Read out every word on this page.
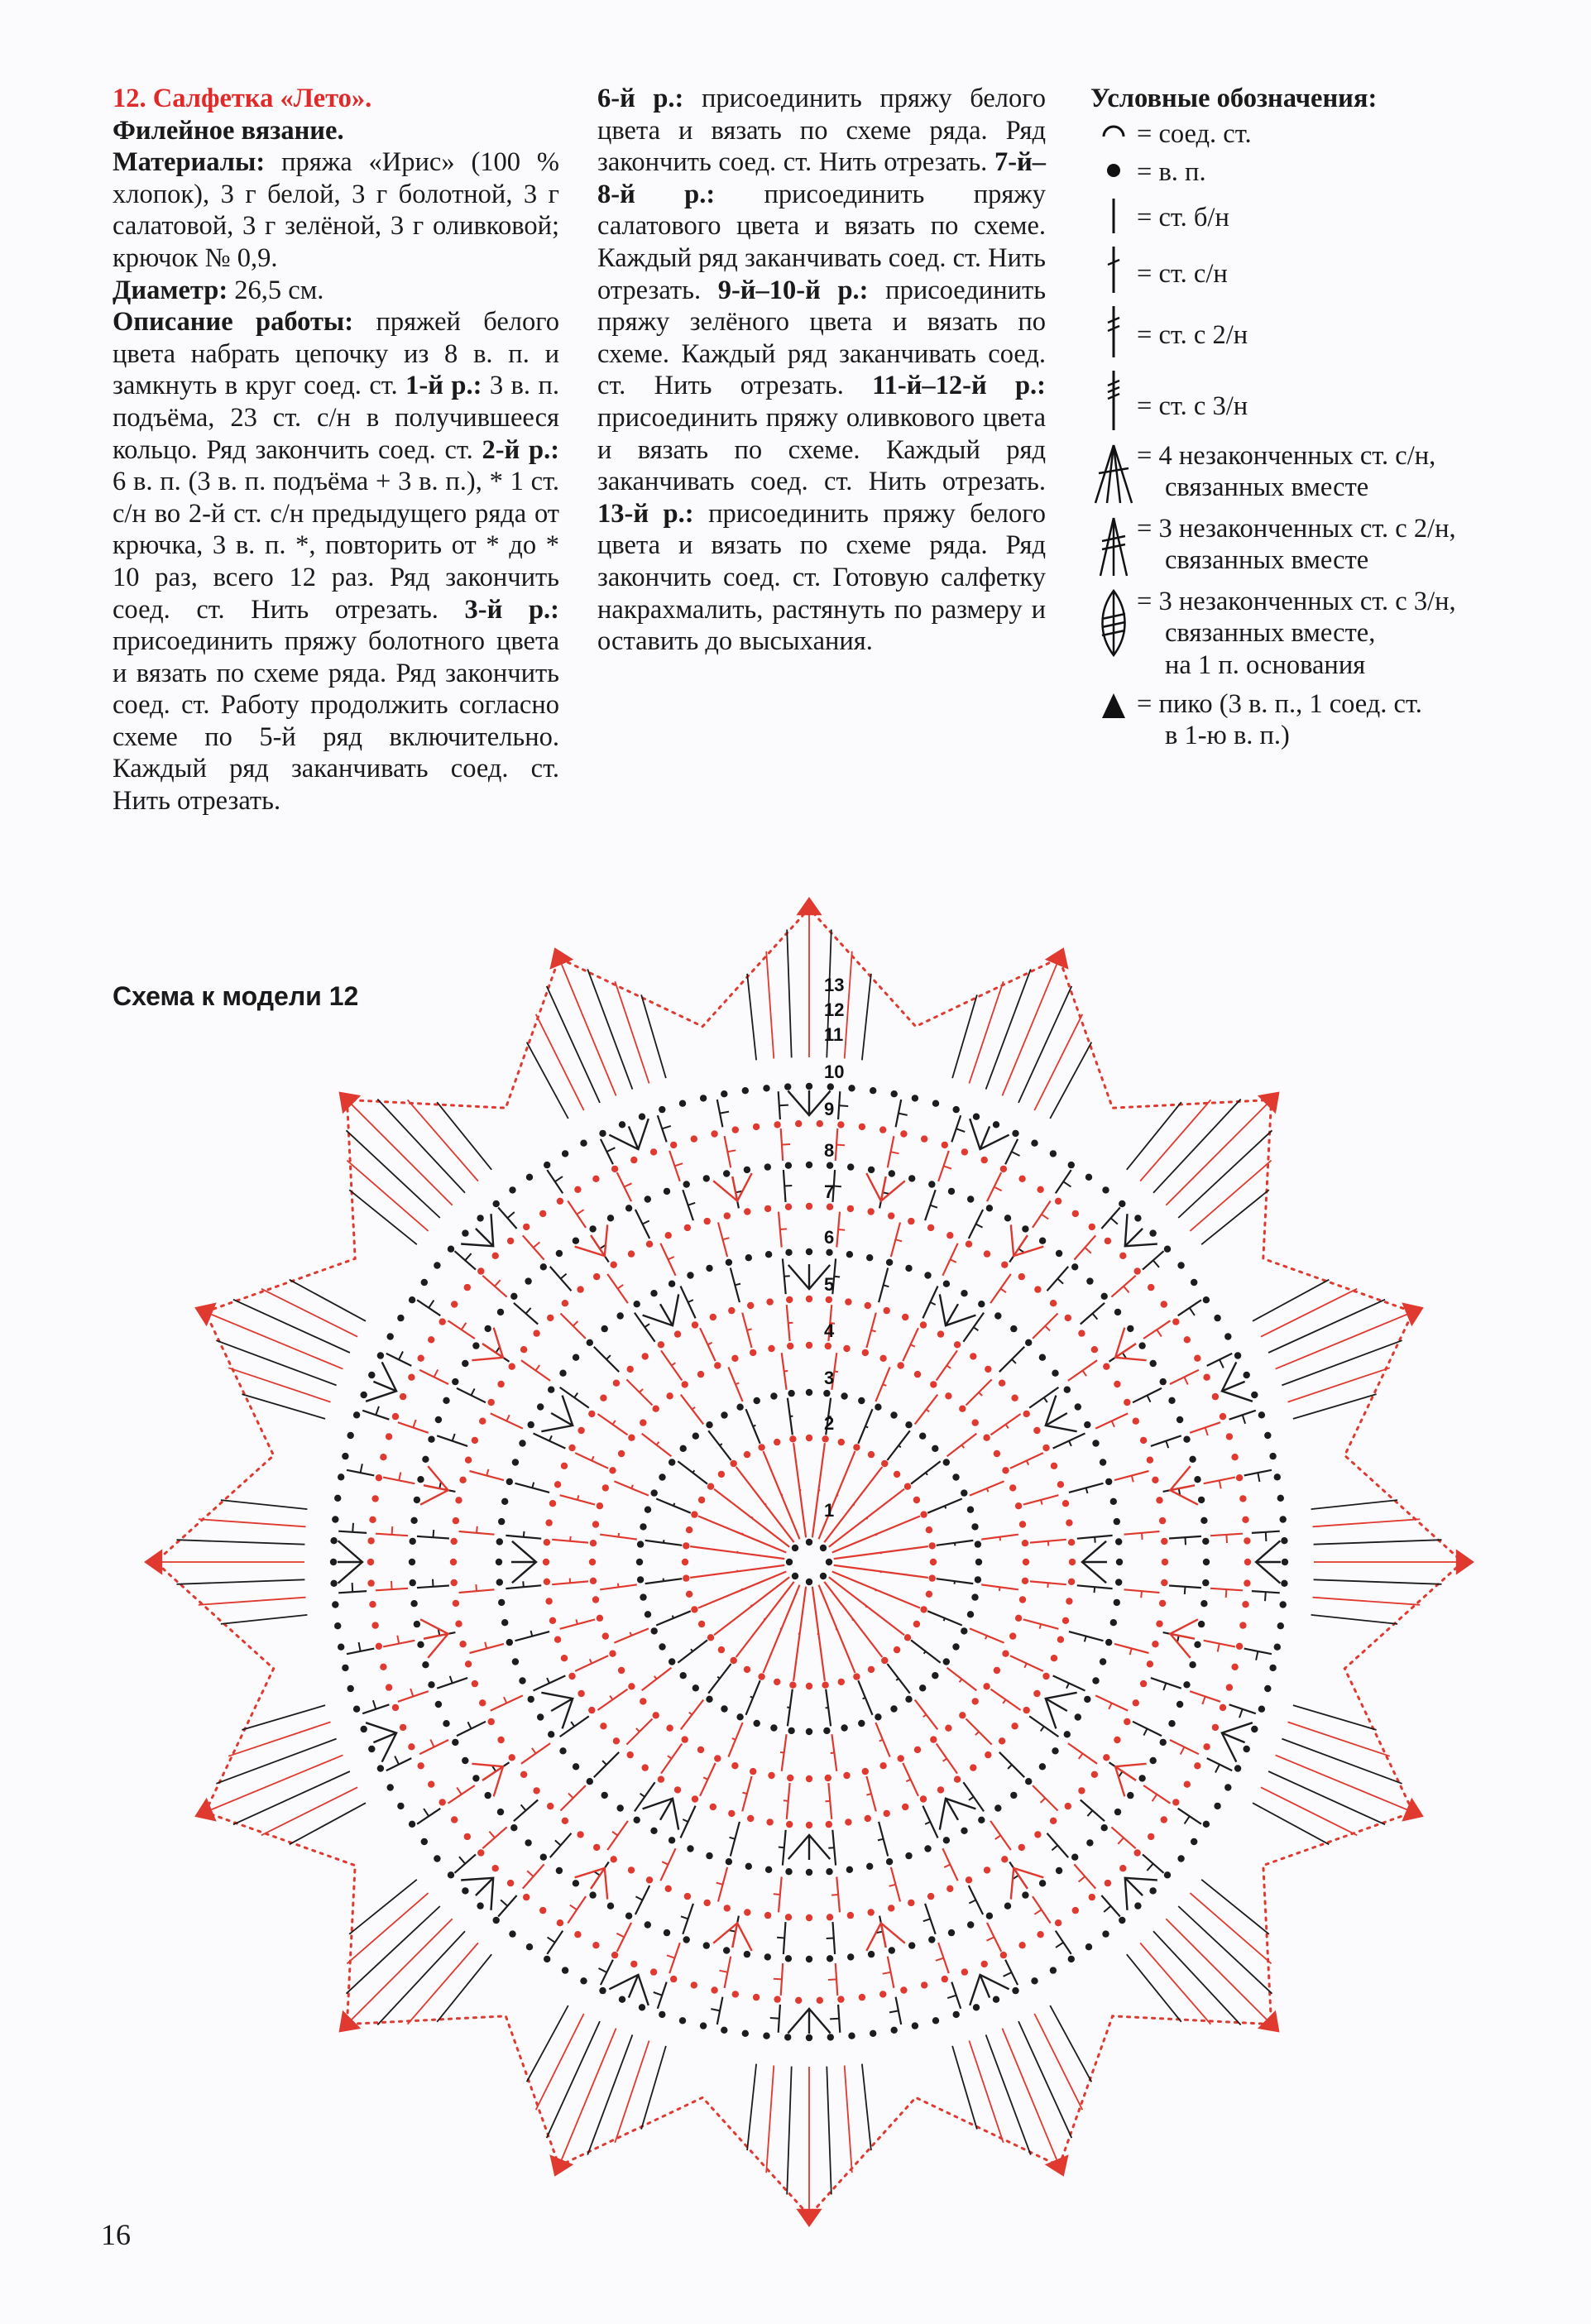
12. Салфетка «Лето».

Филейное вязание.

Материалы: пряжа «Ирис» (100 % хлопок), 3 г белой, 3 г болотной, 3 г салатовой, 3 г зелёной, 3 г оливковой; крючок № 0,9.

Диаметр: 26,5 см.

Описание работы: пряжей белого цвета набрать цепочку из 8 в. п. и замкнуть в круг соед. ст. 1-й р.: 3 в. п. подъёма, 23 ст. с/н в получившееся кольцо. Ряд закончить соед. ст. 2-й р.: 6 в. п. (3 в. п. подъёма + 3 в. п.), * 1 ст. с/н во 2-й ст. с/н предыдущего ряда от крючка, 3 в. п. *, повторить от * до * 10 раз, всего 12 раз. Ряд закончить соед. ст. Нить отрезать. 3-й р.: присоединить пряжу болотного цвета и вязать по схеме ряда. Ряд закончить соед. ст. Работу продолжить согласно схеме по 5-й ряд включительно. Каждый ряд заканчивать соед. ст. Нить отрезать.

6-й р.: присоединить пряжу белого цвета и вязать по схеме ряда. Ряд закончить соед. ст. Нить отрезать. 7-й–8-й р.: присоединить пряжу салатового цвета и вязать по схеме. Каждый ряд заканчивать соед. ст. Нить отрезать. 9-й–10-й р.: присоединить пряжу зелёного цвета и вязать по схеме. Каждый ряд заканчивать соед. ст. Нить отрезать. 11-й–12-й р.: присоединить пряжу оливкового цвета и вязать по схеме. Каждый ряд заканчивать соед. ст. Нить отрезать. 13-й р.: присоединить пряжу белого цвета и вязать по схеме ряда. Ряд закончить соед. ст. Готовую салфетку накрахмалить, растянуть по размеру и оставить до высыхания.

Условные обозначения:
= соед. ст.
= в. п.
= ст. б/н
= ст. с/н
= ст. с 2/н
= ст. с 3/н
= 4 незаконченных ст. с/н,
связанных вместе
= 3 незаконченных ст. с 2/н,
связанных вместе
= 3 незаконченных ст. с 3/н,
связанных вместе,
на 1 п. основания
= пико (3 в. п., 1 соед. ст.
в 1-ю в. п.)
Схема к модели 12
1
2
3
4
5
6
7
8
9
10
11
12
13
16
